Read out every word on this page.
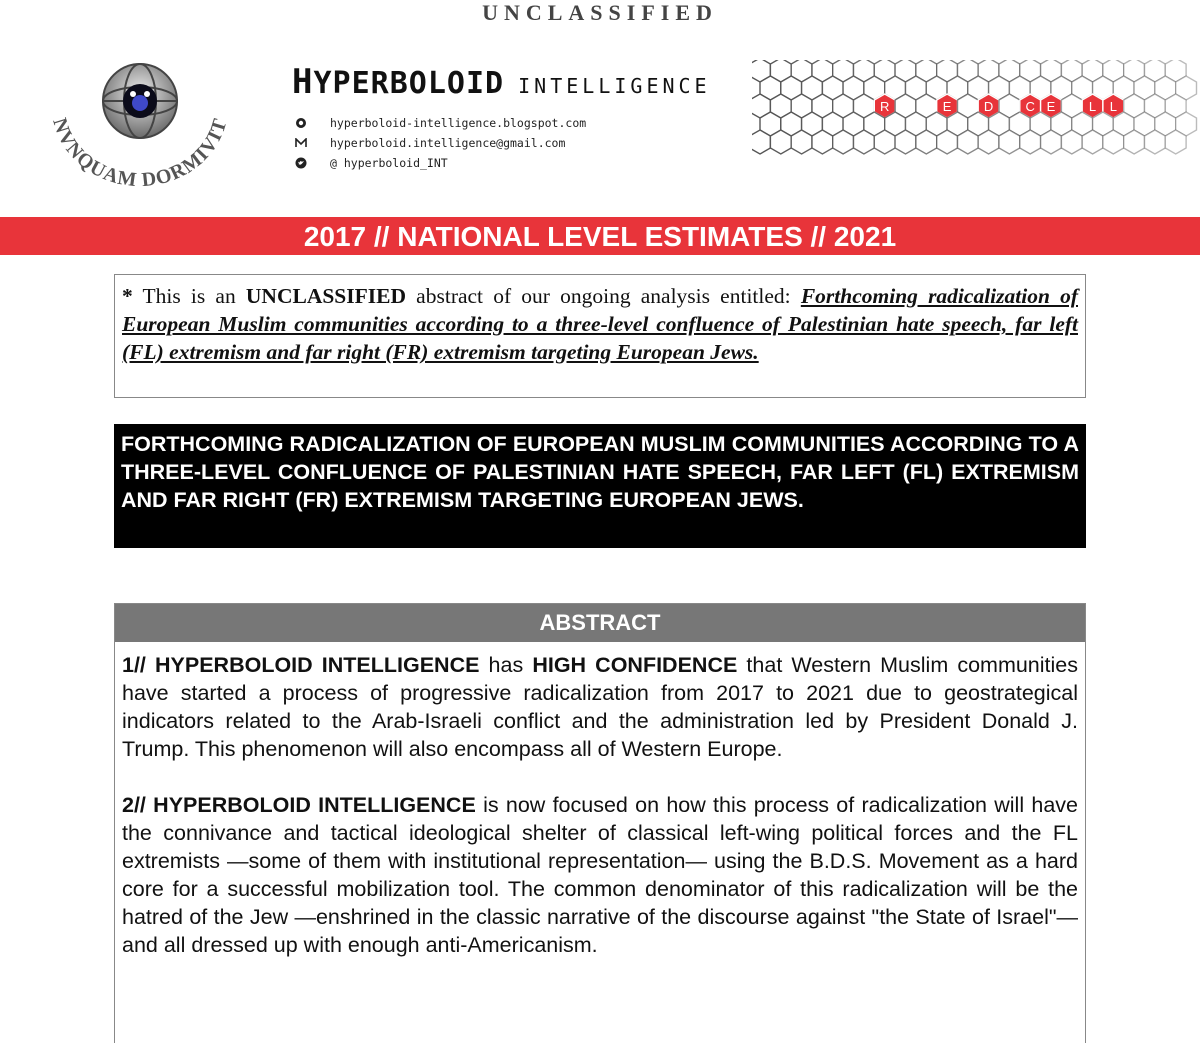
UNCLASSIFIED
NVNQUAM DORMIVIT
HYPERBOLOID INTELLIGENCE
hyperboloid-intelligence.blogspot.com
hyperboloid.intelligence@gmail.com
@ hyperboloid_INT
R	E	D C E	L L
2017 // NATIONAL LEVEL ESTIMATES // 2021
* This is an UNCLASSIFIED abstract of our ongoing analysis entitled: Forthcoming radicalization of European Muslim communities according to a three-level confluence of Palestinian hate speech, far left (FL) extremism and far right (FR) extremism targeting European Jews.
FORTHCOMING RADICALIZATION OF EUROPEAN MUSLIM COMMUNITIES ACCORDING TO A THREE-LEVEL CONFLUENCE OF PALESTINIAN HATE SPEECH, FAR LEFT (FL) EXTREMISM AND FAR RIGHT (FR) EXTREMISM TARGETING EUROPEAN JEWS.
ABSTRACT

1// HYPERBOLOID INTELLIGENCE has HIGH CONFIDENCE that Western Muslim communities have started a process of progressive radicalization from 2017 to 2021 due to geostrategical indicators related to the Arab-Israeli conflict and the administration led by President Donald J. Trump. This phenomenon will also encompass all of Western Europe.

2// HYPERBOLOID INTELLIGENCE is now focused on how this process of radicalization will have the connivance and tactical ideological shelter of classical left-wing political forces and the FL extremists —some of them with institutional representation— using the B.D.S. Movement as a hard core for a successful mobilization tool. The common denominator of this radicalization will be the hatred of the Jew —enshrined in the classic narrative of the discourse against "the State of Israel"— and all dressed up with enough anti-Americanism.
